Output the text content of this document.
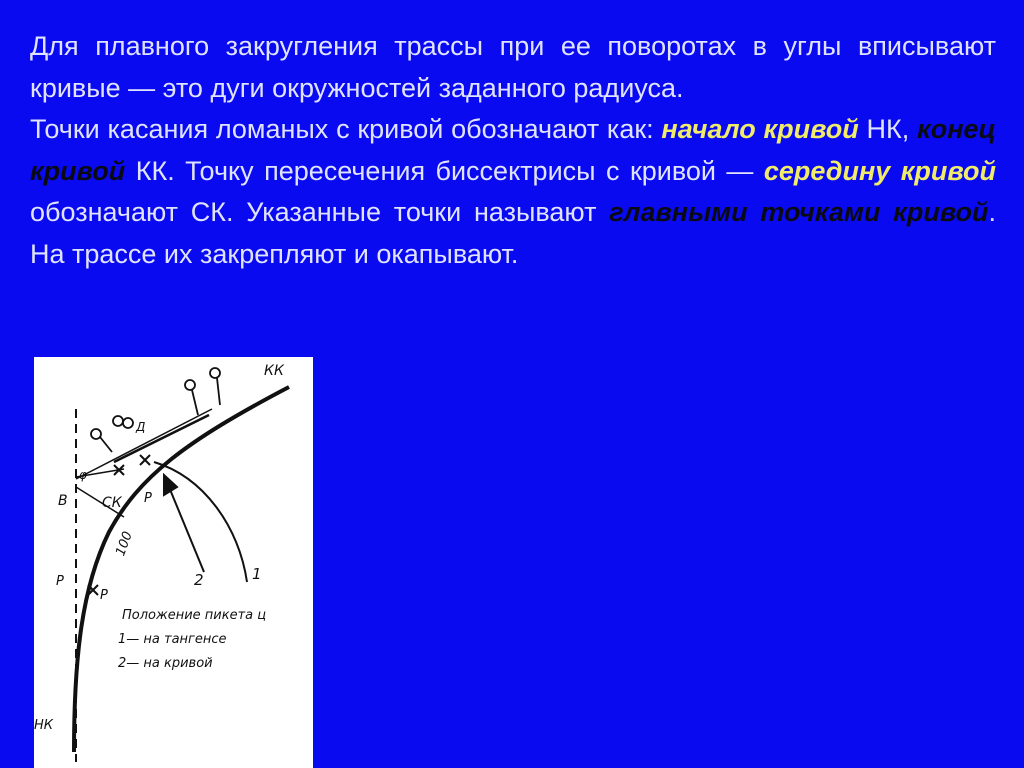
Для плавного закругления трассы при ее поворотах в углы вписывают кривые — это дуги окружностей заданного радиуса.

Точки касания ломаных с кривой обозначают как: начало кривой НК, конец кривой КК. Точку пересечения биссектрисы с кривой — середину кривой обозначают СК. Указанные точки называют главными точками кривой. На трассе их закрепляют и окапывают.

КК
НК
СК
В
Д
Р
Р
Р
100
1
2
φ
Положение пикета ц
1— на тангенсе
2— на кривой
